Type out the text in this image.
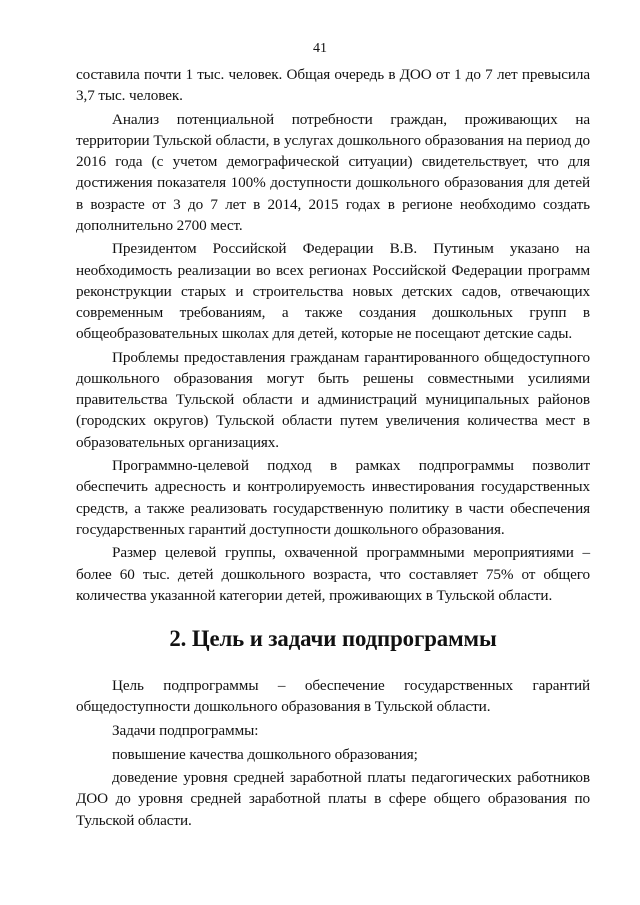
41

составила почти 1 тыс. человек. Общая очередь в ДОО от 1 до 7 лет превысила 3,7 тыс. человек.

Анализ потенциальной потребности граждан, проживающих на территории Тульской области, в услугах дошкольного образования на период до 2016 года (с учетом демографической ситуации) свидетельствует, что для достижения показателя 100% доступности дошкольного образования для детей в возрасте от 3 до 7 лет в 2014, 2015 годах в регионе необходимо создать дополнительно 2700 мест.

Президентом Российской Федерации В.В. Путиным указано на необходимость реализации во всех регионах Российской Федерации программ реконструкции старых и строительства новых детских садов, отвечающих современным требованиям, а также создания дошкольных групп в общеобразовательных школах для детей, которые не посещают детские сады.

Проблемы предоставления гражданам гарантированного общедоступного дошкольного образования могут быть решены совместными усилиями правительства Тульской области и администраций муниципальных районов (городских округов) Тульской области путем увеличения количества мест в образовательных организациях.

Программно-целевой подход в рамках подпрограммы позволит обеспечить адресность и контролируемость инвестирования государственных средств, а также реализовать государственную политику в части обеспечения государственных гарантий доступности дошкольного образования.

Размер целевой группы, охваченной программными мероприятиями – более 60 тыс. детей дошкольного возраста, что составляет 75% от общего количества указанной категории детей, проживающих в Тульской области.

2. Цель и задачи подпрограммы

Цель подпрограммы – обеспечение государственных гарантий общедоступности дошкольного образования в Тульской области.

Задачи подпрограммы:

повышение качества дошкольного образования;

доведение уровня средней заработной платы педагогических работников ДОО до уровня средней заработной платы в сфере общего образования по Тульской области.
